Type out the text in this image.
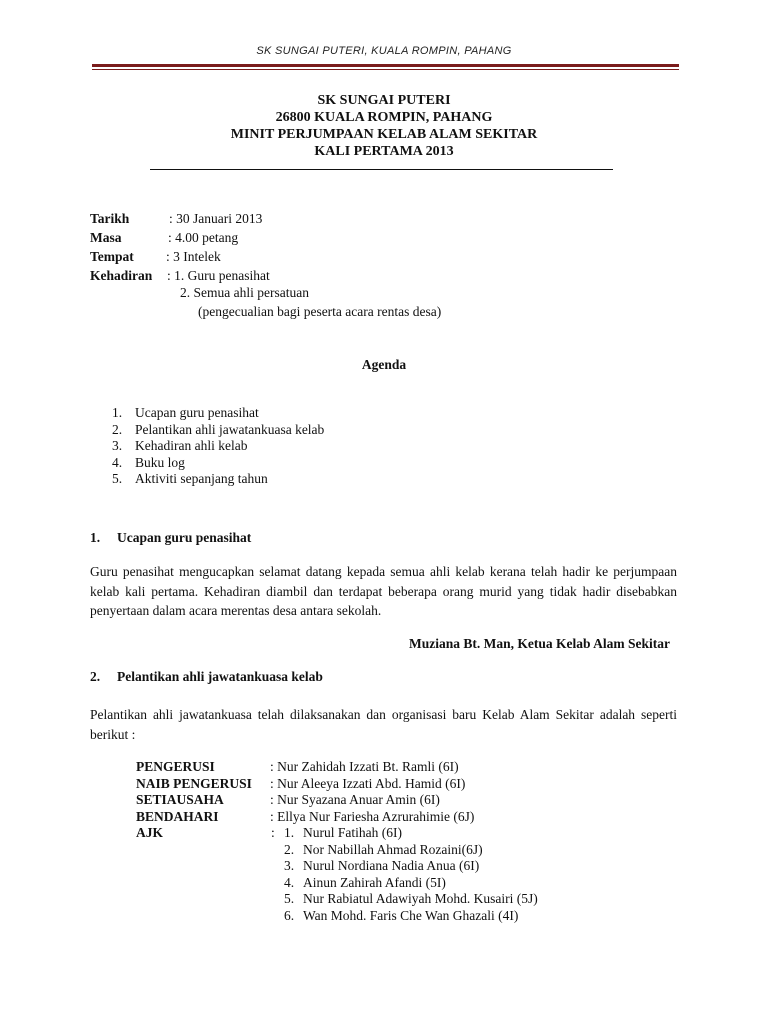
SK SUNGAI PUTERI, KUALA ROMPIN, PAHANG
SK SUNGAI PUTERI
26800 KUALA ROMPIN, PAHANG
MINIT PERJUMPAAN KELAB ALAM SEKITAR
KALI PERTAMA 2013
Tarikh	: 30 Januari 2013
Masa	: 4.00 petang
Tempat : 3 Intelek
Kehadiran : 1. Guru penasihat
2. Semua ahli persatuan
(pengecualian bagi peserta acara rentas desa)
Agenda
1. Ucapan guru penasihat
2. Pelantikan ahli jawatankuasa kelab
3. Kehadiran ahli kelab
4. Buku log
5. Aktiviti sepanjang tahun
1. Ucapan guru penasihat
Guru penasihat mengucapkan selamat datang kepada semua ahli kelab kerana telah hadir ke perjumpaan kelab kali pertama. Kehadiran diambil dan terdapat beberapa orang murid yang tidak hadir disebabkan penyertaan dalam acara merentas desa antara sekolah.
Muziana Bt. Man, Ketua Kelab Alam Sekitar
2. Pelantikan ahli jawatankuasa kelab
Pelantikan ahli jawatankuasa telah dilaksanakan dan organisasi baru Kelab Alam Sekitar adalah seperti berikut :
PENGERUSI	: Nur Zahidah Izzati Bt. Ramli (6I)
NAIB PENGERUSI : Nur Aleeya Izzati Abd. Hamid (6I)
SETIAUSAHA	: Nur Syazana Anuar Amin (6I)
BENDAHARI	: Ellya Nur Fariesha Azrurahimie (6J)
AJK	: 1. Nurul Fatihah (6I)
2. Nor Nabillah Ahmad Rozaini(6J)
3. Nurul Nordiana Nadia Anua (6I)
4. Ainun Zahirah Afandi (5I)
5. Nur Rabiatul Adawiyah Mohd. Kusairi (5J)
6. Wan Mohd. Faris Che Wan Ghazali (4I)
